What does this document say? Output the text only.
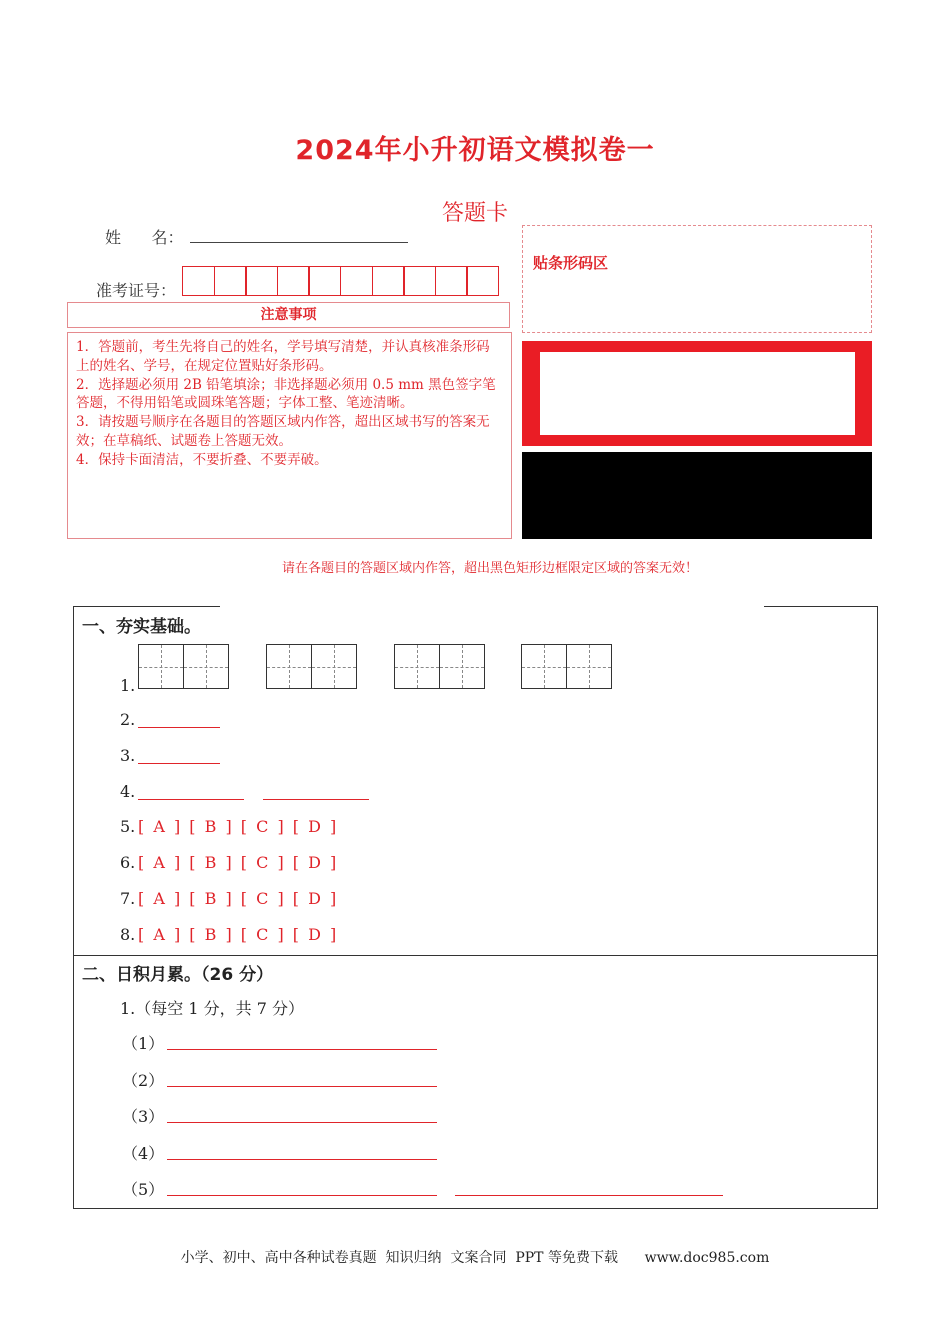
2024年小升初语文模拟卷一
答题卡
姓      名：
准考证号：
注意事项

1．答题前，考生先将自己的姓名，学号填写清楚，并认真核准条形码上的姓名、学号，在规定位置贴好条形码。

2．选择题必须用 2B 铅笔填涂；非选择题必须用 0.5 mm 黑色签字笔答题，不得用铅笔或圆珠笔答题；字体工整、笔迹清晰。

3．请按题号顺序在各题目的答题区域内作答，超出区域书写的答案无效；在草稿纸、试题卷上答题无效。

4．保持卡面清洁，不要折叠、不要弄破。

贴条形码区
请在各题目的答题区域内作答，超出黑色矩形边框限定区域的答案无效！
一、夯实基础。
1.
2.
3.
4.
5. [ A ] [ B ] [ C ] [ D ]
6. [ A ] [ B ] [ C ] [ D ]
7. [ A ] [ B ] [ C ] [ D ]
8. [ A ] [ B ] [ C ] [ D ]
二、日积月累。（26 分）
1.（每空 1 分，共 7 分）
（1）
（2）
（3）
（4）
（5）
小学、初中、高中各种试卷真题  知识归纳  文案合同  PPT 等免费下载      www.doc985.com
